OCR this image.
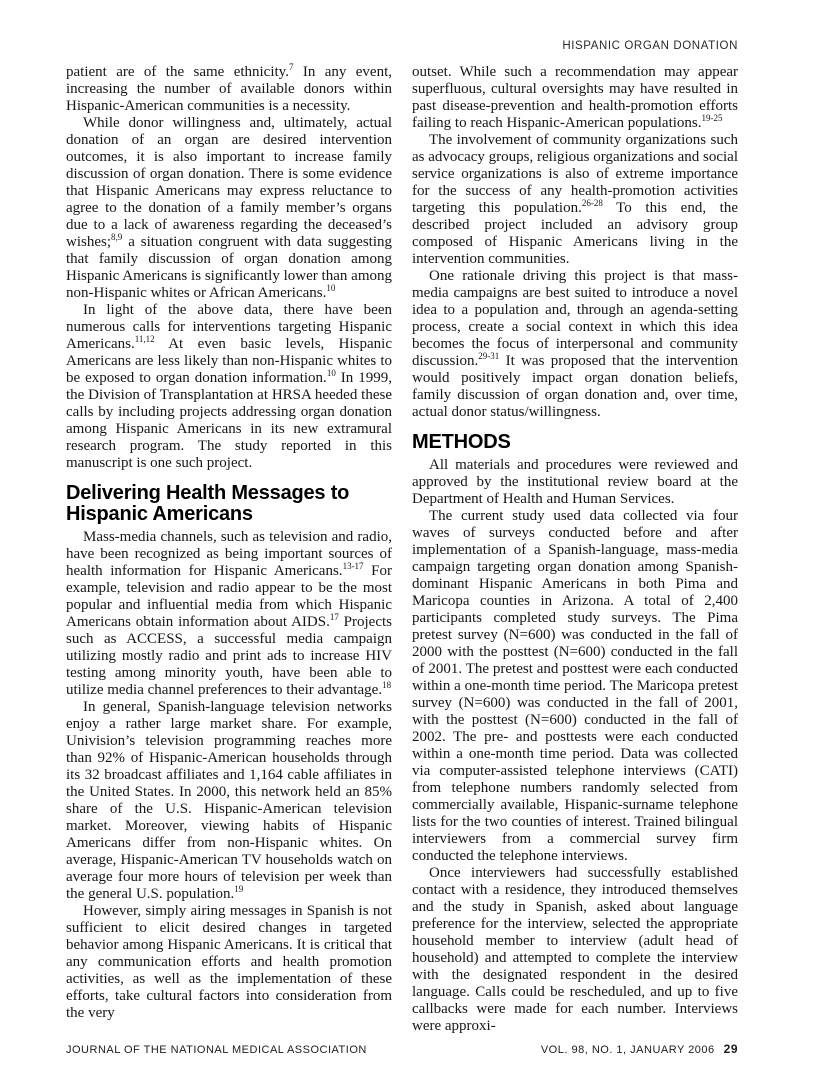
HISPANIC ORGAN DONATION

patient are of the same ethnicity.$^7$ In any event, increasing the number of available donors within Hispanic-American communities is a necessity.

While donor willingness and, ultimately, actual donation of an organ are desired intervention outcomes, it is also important to increase family discussion of organ donation. There is some evidence that Hispanic Americans may express reluctance to agree to the donation of a family member’s organs due to a lack of awareness regarding the deceased’s wishes;$^{8,9}$ a situation congruent with data suggesting that family discussion of organ donation among Hispanic Americans is significantly lower than among non-Hispanic whites or African Americans.$^{10}$

In light of the above data, there have been numerous calls for interventions targeting Hispanic Americans.$^{11,12}$ At even basic levels, Hispanic Americans are less likely than non-Hispanic whites to be exposed to organ donation information.$^{10}$ In 1999, the Division of Transplantation at HRSA heeded these calls by including projects addressing organ donation among Hispanic Americans in its new extramural research program. The study reported in this manuscript is one such project.

Delivering Health Messages to Hispanic Americans

Mass-media channels, such as television and radio, have been recognized as being important sources of health information for Hispanic Americans.$^{13-17}$ For example, television and radio appear to be the most popular and influential media from which Hispanic Americans obtain information about AIDS.$^{17}$ Projects such as ACCESS, a successful media campaign utilizing mostly radio and print ads to increase HIV testing among minority youth, have been able to utilize media channel preferences to their advantage.$^{18}$

In general, Spanish-language television networks enjoy a rather large market share. For example, Univision’s television programming reaches more than 92% of Hispanic-American households through its 32 broadcast affiliates and 1,164 cable affiliates in the United States. In 2000, this network held an 85% share of the U.S. Hispanic-American television market. Moreover, viewing habits of Hispanic Americans differ from non-Hispanic whites. On average, Hispanic-American TV households watch on average four more hours of television per week than the general U.S. population.$^{19}$

However, simply airing messages in Spanish is not sufficient to elicit desired changes in targeted behavior among Hispanic Americans. It is critical that any communication efforts and health promotion activities, as well as the implementation of these efforts, take cultural factors into consideration from the very

outset. While such a recommendation may appear superfluous, cultural oversights may have resulted in past disease-prevention and health-promotion efforts failing to reach Hispanic-American populations.$^{19-25}$

The involvement of community organizations such as advocacy groups, religious organizations and social service organizations is also of extreme importance for the success of any health-promotion activities targeting this population.$^{26-28}$ To this end, the described project included an advisory group composed of Hispanic Americans living in the intervention communities.

One rationale driving this project is that mass-media campaigns are best suited to introduce a novel idea to a population and, through an agenda-setting process, create a social context in which this idea becomes the focus of interpersonal and community discussion.$^{29-31}$ It was proposed that the intervention would positively impact organ donation beliefs, family discussion of organ donation and, over time, actual donor status/willingness.

METHODS

All materials and procedures were reviewed and approved by the institutional review board at the Department of Health and Human Services.

The current study used data collected via four waves of surveys conducted before and after implementation of a Spanish-language, mass-media campaign targeting organ donation among Spanish-dominant Hispanic Americans in both Pima and Maricopa counties in Arizona. A total of 2,400 participants completed study surveys. The Pima pretest survey (N=600) was conducted in the fall of 2000 with the posttest (N=600) conducted in the fall of 2001. The pretest and posttest were each conducted within a one-month time period. The Maricopa pretest survey (N=600) was conducted in the fall of 2001, with the posttest (N=600) conducted in the fall of 2002. The pre- and posttests were each conducted within a one-month time period. Data was collected via computer-assisted telephone interviews (CATI) from telephone numbers randomly selected from commercially available, Hispanic-surname telephone lists for the two counties of interest. Trained bilingual interviewers from a commercial survey firm conducted the telephone interviews.

Once interviewers had successfully established contact with a residence, they introduced themselves and the study in Spanish, asked about language preference for the interview, selected the appropriate household member to interview (adult head of household) and attempted to complete the interview with the designated respondent in the desired language. Calls could be rescheduled, and up to five callbacks were made for each number. Interviews were approxi-

JOURNAL OF THE NATIONAL MEDICAL ASSOCIATION	VOL. 98, NO. 1, JANUARY 2006 29
